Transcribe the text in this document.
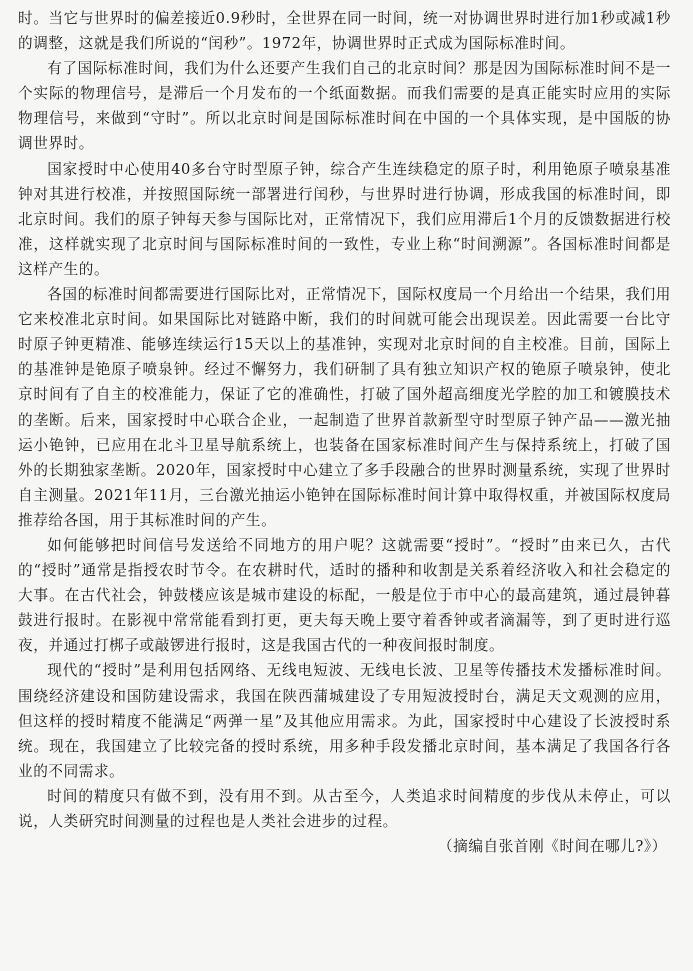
时。当它与世界时的偏差接近0.9秒时，全世界在同一时间，统一对协调世界时进行加1秒或减1秒的调整，这就是我们所说的“闰秒”。1972年，协调世界时正式成为国际标准时间。

有了国际标准时间，我们为什么还要产生我们自己的北京时间？那是因为国际标准时间不是一个实际的物理信号，是滞后一个月发布的一个纸面数据。而我们需要的是真正能实时应用的实际物理信号，来做到“守时”。所以北京时间是国际标准时间在中国的一个具体实现，是中国版的协调世界时。

国家授时中心使用40多台守时型原子钟，综合产生连续稳定的原子时，利用铯原子喷泉基准钟对其进行校准，并按照国际统一部署进行闰秒，与世界时进行协调，形成我国的标准时间，即北京时间。我们的原子钟每天参与国际比对，正常情况下，我们应用滞后1个月的反馈数据进行校准，这样就实现了北京时间与国际标准时间的一致性，专业上称“时间溯源”。各国标准时间都是这样产生的。

各国的标准时间都需要进行国际比对，正常情况下，国际权度局一个月给出一个结果，我们用它来校准北京时间。如果国际比对链路中断，我们的时间就可能会出现误差。因此需要一台比守时原子钟更精准、能够连续运行15天以上的基准钟，实现对北京时间的自主校准。目前，国际上的基准钟是铯原子喷泉钟。经过不懈努力，我们研制了具有独立知识产权的铯原子喷泉钟，使北京时间有了自主的校准能力，保证了它的准确性，打破了国外超高细度光学腔的加工和镀膜技术的垄断。后来，国家授时中心联合企业，一起制造了世界首款新型守时型原子钟产品——激光抽运小铯钟，已应用在北斗卫星导航系统上，也装备在国家标准时间产生与保持系统上，打破了国外的长期独家垄断。2020年，国家授时中心建立了多手段融合的世界时测量系统，实现了世界时自主测量。2021年11月，三台激光抽运小铯钟在国际标准时间计算中取得权重，并被国际权度局推荐给各国，用于其标准时间的产生。

如何能够把时间信号发送给不同地方的用户呢？这就需要“授时”。“授时”由来已久，古代的“授时”通常是指授农时节令。在农耕时代，适时的播种和收割是关系着经济收入和社会稳定的大事。在古代社会，钟鼓楼应该是城市建设的标配，一般是位于市中心的最高建筑，通过晨钟暮鼓进行报时。在影视中常常能看到打更，更夫每天晚上要守着香钟或者滴漏等，到了更时进行巡夜，并通过打梆子或敲锣进行报时，这是我国古代的一种夜间报时制度。

现代的“授时”是利用包括网络、无线电短波、无线电长波、卫星等传播技术发播标准时间。围绕经济建设和国防建设需求，我国在陕西蒲城建设了专用短波授时台，满足天文观测的应用，但这样的授时精度不能满足“两弹一星”及其他应用需求。为此，国家授时中心建设了长波授时系统。现在，我国建立了比较完备的授时系统，用多种手段发播北京时间，基本满足了我国各行各业的不同需求。

时间的精度只有做不到，没有用不到。从古至今，人类追求时间精度的步伐从未停止，可以说，人类研究时间测量的过程也是人类社会进步的过程。

（摘编自张首刚《时间在哪儿?》）
